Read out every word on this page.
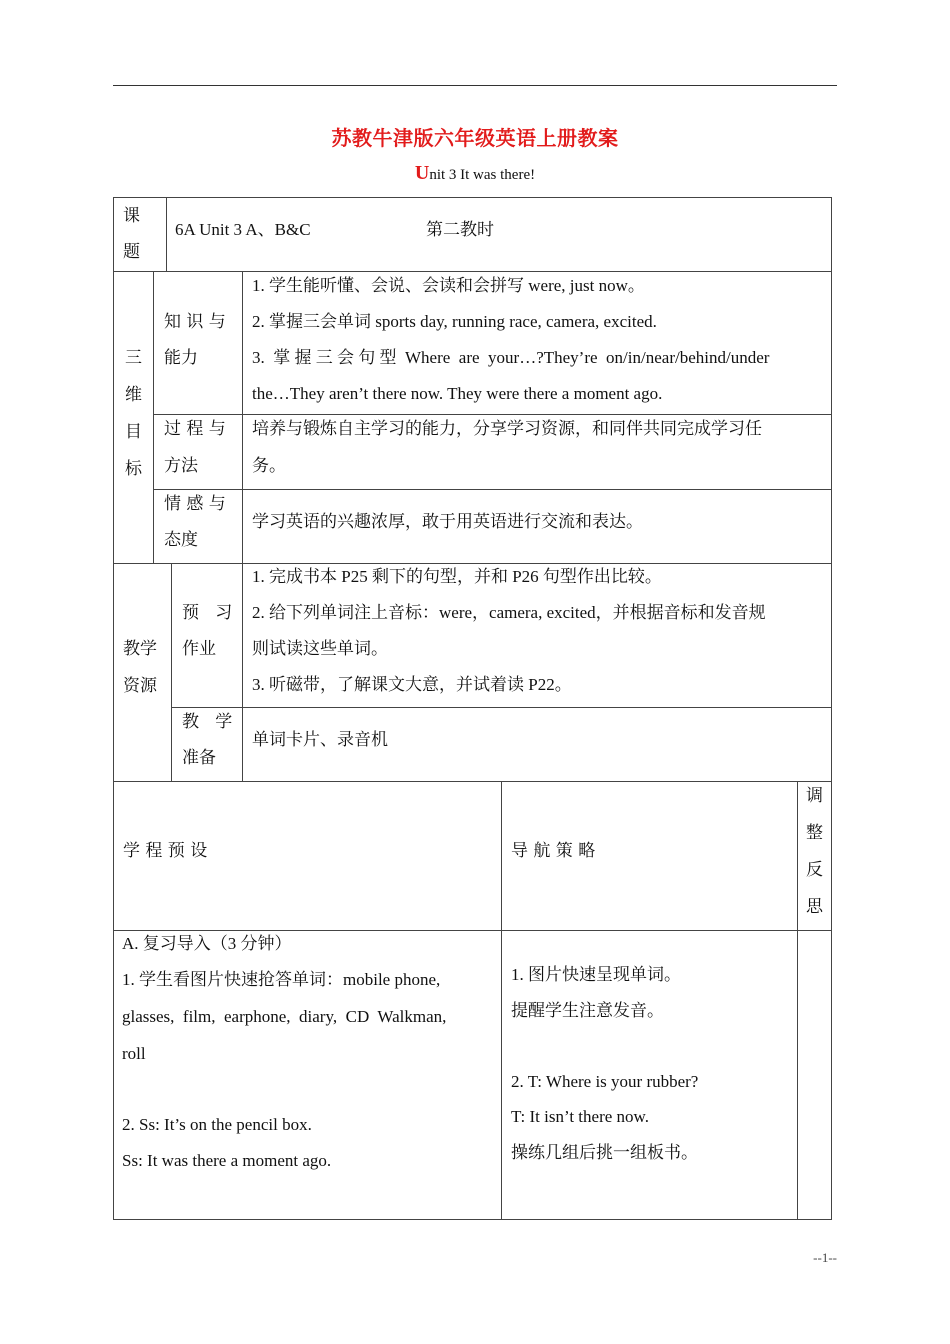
苏教牛津版六年级英语上册教案
Unit 3 It was there!
课
题
6A Unit 3 A、B&C	第二教时
三
维
目
标
知 识 与
能力
1. 学生能听懂、会说、会读和会拼写 were, just now。
2. 掌握三会单词 sports day, running race, camera, excited.
3.  掌 握 三 会 句 型  Where  are  your…?They’re  on/in/near/behind/under
the…They aren’t there now. They were there a moment ago.
过 程 与
方法
培养与锻炼自主学习的能力，分享学习资源，和同伴共同完成学习任
务。
情 感 与
态度
学习英语的兴趣浓厚，敢于用英语进行交流和表达。
教学
资源
预   习
作业
1. 完成书本 P25 剩下的句型，并和 P26 句型作出比较。
2. 给下列单词注上音标：were，camera, excited，并根据音标和发音规
则试读这些单词。
3. 听磁带，了解课文大意，并试着读 P22。
教   学
准备
单词卡片、录音机
学 程 预 设	导 航 策 略
调
整
反
思
A. 复习导入（3 分钟）
1. 学生看图片快速抢答单词：mobile phone,
glasses,  film,  earphone,  diary,  CD  Walkman,
roll
2. Ss: It’s on the pencil box.
Ss: It was there a moment ago.
1. 图片快速呈现单词。
提醒学生注意发音。
2. T: Where is your rubber?
T: It isn’t there now.
操练几组后挑一组板书。
--1--
